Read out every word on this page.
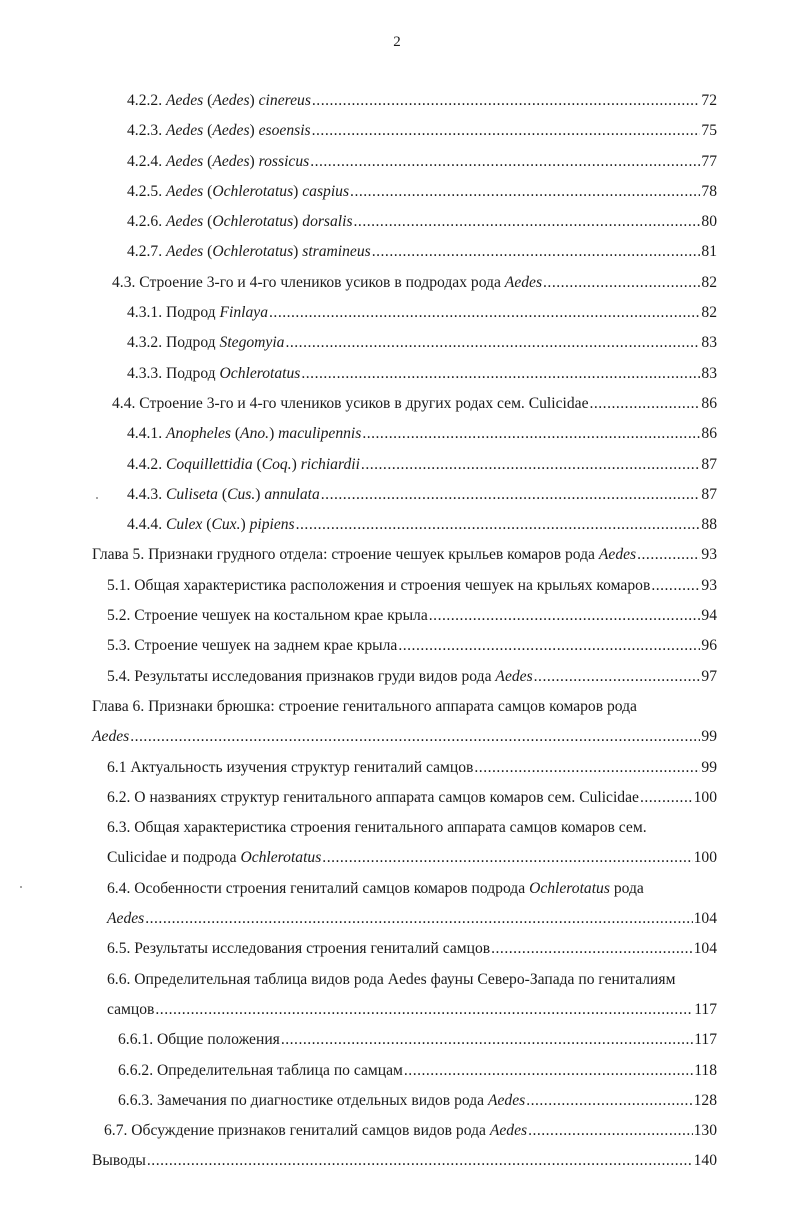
2
4.2.2. Aedes (Aedes) cinereus .....	72
4.2.3. Aedes (Aedes) esoensis .....	75
4.2.4. Aedes (Aedes) rossicus .....	77
4.2.5. Aedes (Ochlerotatus) caspius .....	78
4.2.6. Aedes (Ochlerotatus) dorsalis .....	80
4.2.7. Aedes (Ochlerotatus) stramineus .....	81
4.3. Строение 3-го и 4-го члеников усиков в подродах рода Aedes .....	82
4.3.1. Подрод Finlaya .....	82
4.3.2. Подрод Stegomyia .....	83
4.3.3. Подрод Ochlerotatus .....	83
4.4. Строение 3-го и 4-го члеников усиков в других родах сем. Culicidae .....	86
4.4.1. Anopheles (Ano.) maculipennis .....	86
4.4.2. Coquillettidia (Coq.) richiardii .....	87
4.4.3. Culiseta (Cus.) annulata .....	87
4.4.4. Culex (Cux.) pipiens .....	88
Глава 5. Признаки грудного отдела: строение чешуек крыльев комаров рода Aedes .....	93
5.1. Общая характеристика расположения и строения чешуек на крыльях комаров .....	93
5.2. Строение чешуек на костальном крае крыла .....	94
5.3. Строение чешуек на заднем крае крыла .....	96
5.4. Результаты исследования признаков груди видов рода Aedes .....	97
Глава 6. Признаки брюшка: строение генитального аппарата самцов комаров рода
Aedes .....	99
6.1 Актуальность изучения структур гениталий самцов .....	99
6.2. О названиях структур генитального аппарата самцов комаров сем. Culicidae .....	100
6.3. Общая характеристика строения генитального аппарата самцов комаров сем.
Culicidae и подрода Ochlerotatus .....	100
6.4. Особенности строения гениталий самцов комаров подрода Ochlerotatus рода
Aedes .....	104
6.5. Результаты исследования строения гениталий самцов .....	104
6.6. Определительная таблица видов рода Aedes фауны Северо-Запада по гениталиям
самцов .....	117
6.6.1. Общие положения .....	117
6.6.2. Определительная таблица по самцам .....	118
6.6.3. Замечания по диагностике отдельных видов рода Aedes .....	128
6.7. Обсуждение признаков гениталий самцов видов рода Aedes .....	130
Выводы .....	140
